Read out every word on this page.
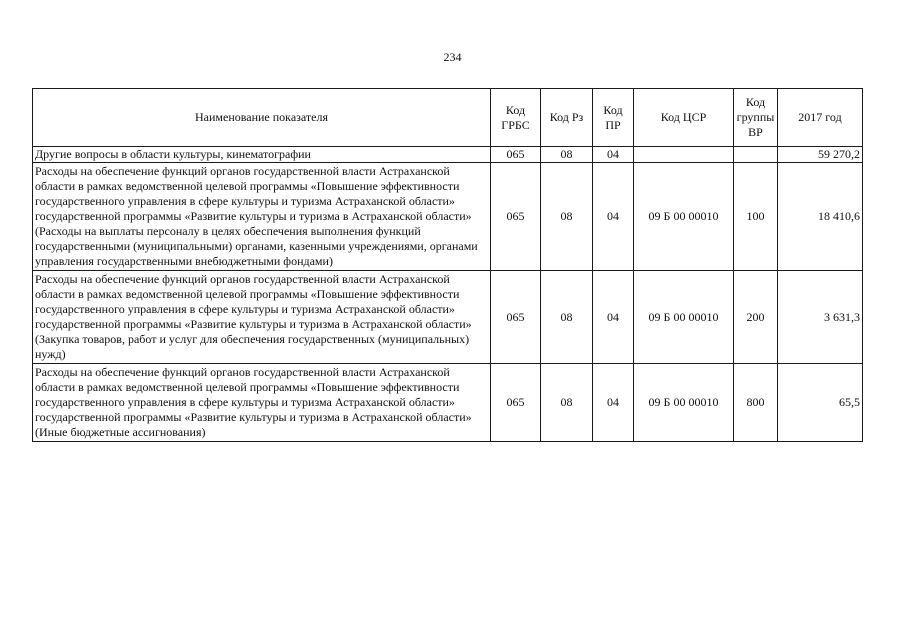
234
Наименование показателя	Код ГРБС	Код Рз	Код ПР	Код ЦСР	Код группы ВР	2017 год
Другие вопросы в области культуры, кинематографии	065	08	04			59 270,2
Расходы на обеспечение функций органов государственной власти Астраханской области в рамках ведомственной целевой программы «Повышение эффективности государственного управления в сфере культуры и туризма Астраханской области» государственной программы «Развитие культуры и туризма в Астраханской области» (Расходы на выплаты персоналу в целях обеспечения выполнения функций государственными (муниципальными) органами, казенными учреждениями, органами управления государственными внебюджетными фондами)	065	08	04	09 Б 00 00010	100	18 410,6
Расходы на обеспечение функций органов государственной власти Астраханской области в рамках ведомственной целевой программы «Повышение эффективности государственного управления в сфере культуры и туризма Астраханской области» государственной программы «Развитие культуры и туризма в Астраханской области» (Закупка товаров, работ и услуг для обеспечения государственных (муниципальных) нужд)	065	08	04	09 Б 00 00010	200	3 631,3
Расходы на обеспечение функций органов государственной власти Астраханской области в рамках ведомственной целевой программы «Повышение эффективности государственного управления в сфере культуры и туризма Астраханской области» государственной программы «Развитие культуры и туризма в Астраханской области» (Иные бюджетные ассигнования)	065	08	04	09 Б 00 00010	800	65,5
